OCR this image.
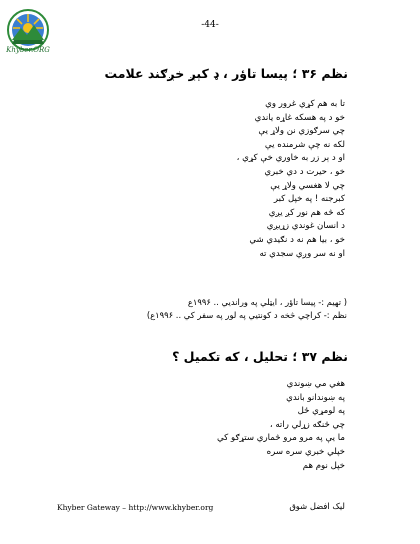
Khyber.ORG
-44-
نظم ۳۶ ؛ پيسا تاؤر ، ډ کېږ خږګند علامت
تا به هم کړي غرور وي
خو د په هسکه غاړه ياندي
چي سرګوزي نن ولاړ يې
لکه نه چې شرمنده يې
او د ېر زر به خاوري خې کړي ،
خو ، حيرت د دي خبري
چي لا هغسي ولاړ يې
کبرجنه ! په خپل کبر
که څه هم نور کږ يږي
د انسان غوندي زړيږي
خو ، بيا هم نه د نګيدي شي
او نه سر وږي سجدي ته
( تهيم :- پيسا تاؤر ، ايټلي په ورانديي .. ۱۹۹۶ع
نظم :- کراچي څخه د کونتيي په لور په سفر کي .. ۱۹۹۶ع)
نظم ۳۷ ؛ تحليل ، که تکميل ؟
هغي مي ښوندي
په ښوندانو باندي
په لومړي ځل
چي څنګه زړلي راته ،
ما يې په مرو مرو څماري ستړګو کي
خپلي خبري سره سره
خپل نوم هم
Khyber Gateway – http://www.khyber.org	ليک افضل شوق
